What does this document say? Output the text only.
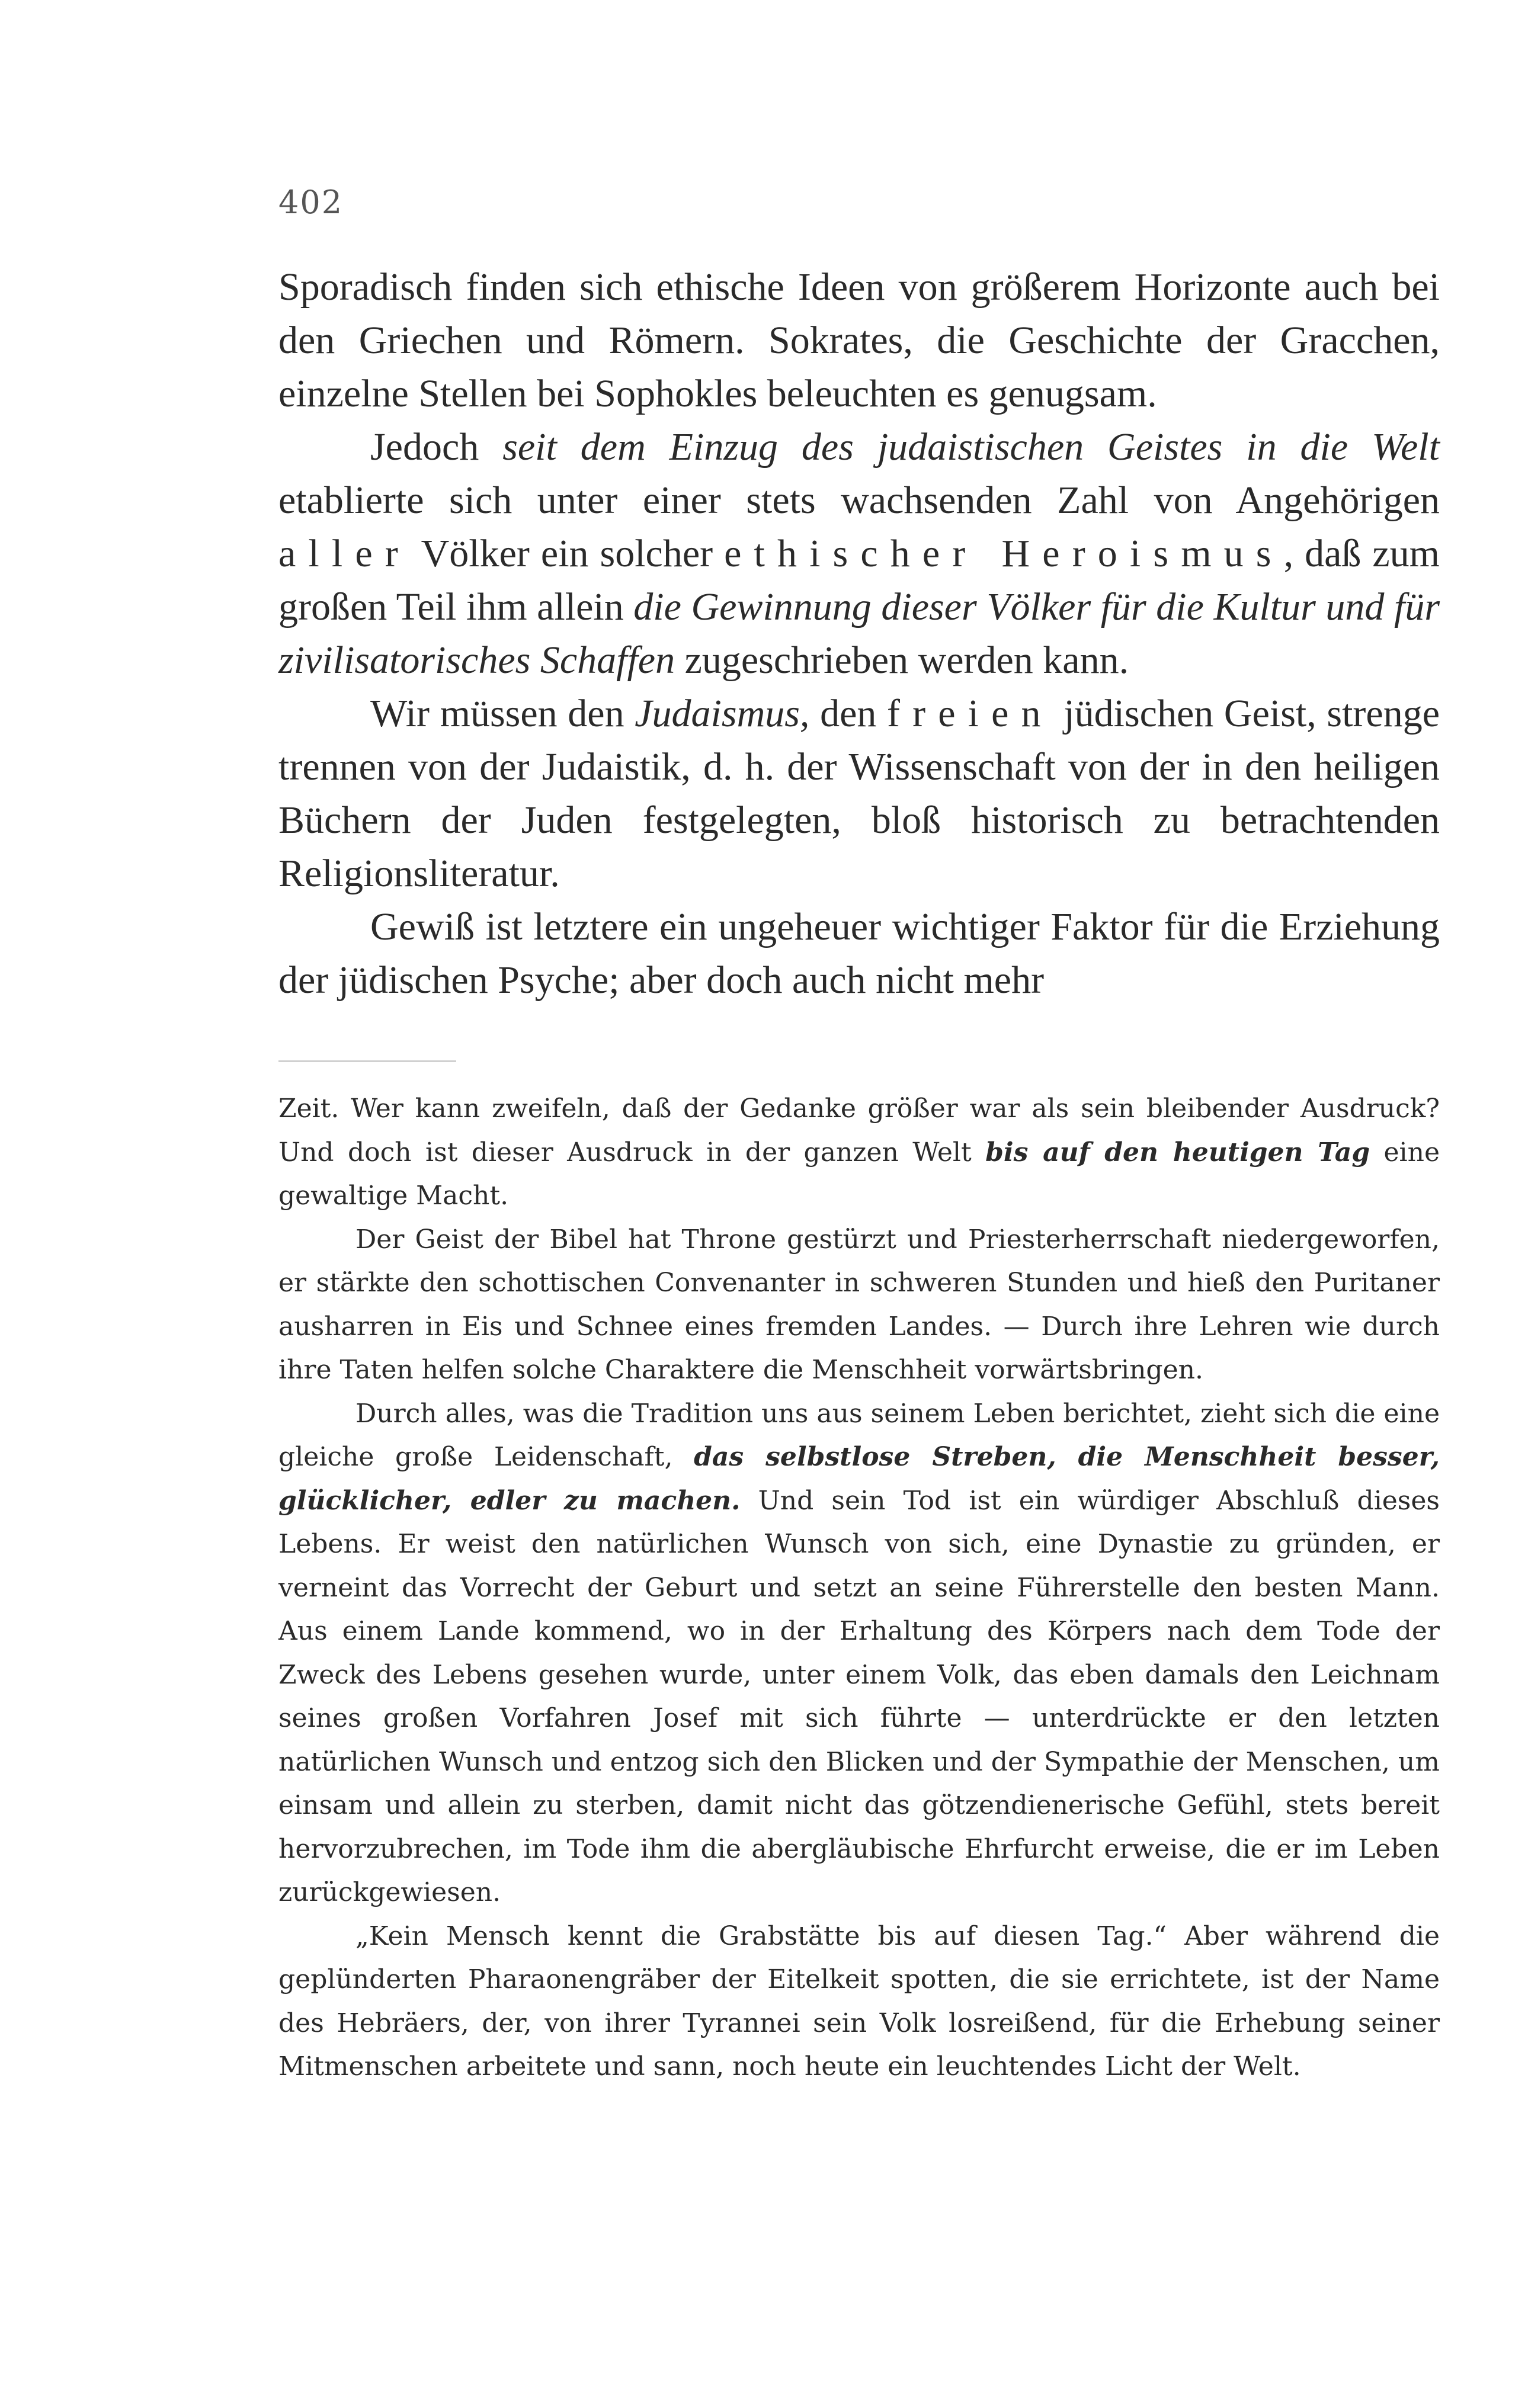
402

Sporadisch finden sich ethische Ideen von größerem Horizonte auch bei den Griechen und Römern. Sokrates, die Geschichte der Gracchen, einzelne Stellen bei Sophokles beleuchten es genugsam.

Jedoch seit dem Einzug des judaistischen Geistes in die Welt etablierte sich unter einer stets wachsenden Zahl von Angehörigen aller Völker ein solcher ethischer Heroismus, daß zum großen Teil ihm allein die Gewinnung dieser Völker für die Kultur und für zivilisatorisches Schaffen zugeschrieben werden kann.

Wir müssen den Judaismus, den freien jüdischen Geist, strenge trennen von der Judaistik, d. h. der Wissenschaft von der in den heiligen Büchern der Juden festgelegten, bloß historisch zu betrachtenden Religionsliteratur.

Gewiß ist letztere ein ungeheuer wichtiger Faktor für die Erziehung der jüdischen Psyche; aber doch auch nicht mehr

Zeit. Wer kann zweifeln, daß der Gedanke größer war als sein bleibender Ausdruck? Und doch ist dieser Ausdruck in der ganzen Welt bis auf den heutigen Tag eine gewaltige Macht.

Der Geist der Bibel hat Throne gestürzt und Priesterherrschaft niedergeworfen, er stärkte den schottischen Convenanter in schweren Stunden und hieß den Puritaner ausharren in Eis und Schnee eines fremden Landes. — Durch ihre Lehren wie durch ihre Taten helfen solche Charaktere die Menschheit vorwärtsbringen.

Durch alles, was die Tradition uns aus seinem Leben berichtet, zieht sich die eine gleiche große Leidenschaft, das selbstlose Streben, die Menschheit besser, glücklicher, edler zu machen. Und sein Tod ist ein würdiger Abschluß dieses Lebens. Er weist den natürlichen Wunsch von sich, eine Dynastie zu gründen, er verneint das Vorrecht der Geburt und setzt an seine Führerstelle den besten Mann. Aus einem Lande kommend, wo in der Erhaltung des Körpers nach dem Tode der Zweck des Lebens gesehen wurde, unter einem Volk, das eben damals den Leichnam seines großen Vorfahren Josef mit sich führte — unterdrückte er den letzten natürlichen Wunsch und entzog sich den Blicken und der Sympathie der Menschen, um einsam und allein zu sterben, damit nicht das götzendienerische Gefühl, stets bereit hervorzubrechen, im Tode ihm die abergläubische Ehrfurcht erweise, die er im Leben zurückgewiesen.

„Kein Mensch kennt die Grabstätte bis auf diesen Tag.“ Aber während die geplünderten Pharaonengräber der Eitelkeit spotten, die sie errichtete, ist der Name des Hebräers, der, von ihrer Tyrannei sein Volk losreißend, für die Erhebung seiner Mitmenschen arbeitete und sann, noch heute ein leuchtendes Licht der Welt.
